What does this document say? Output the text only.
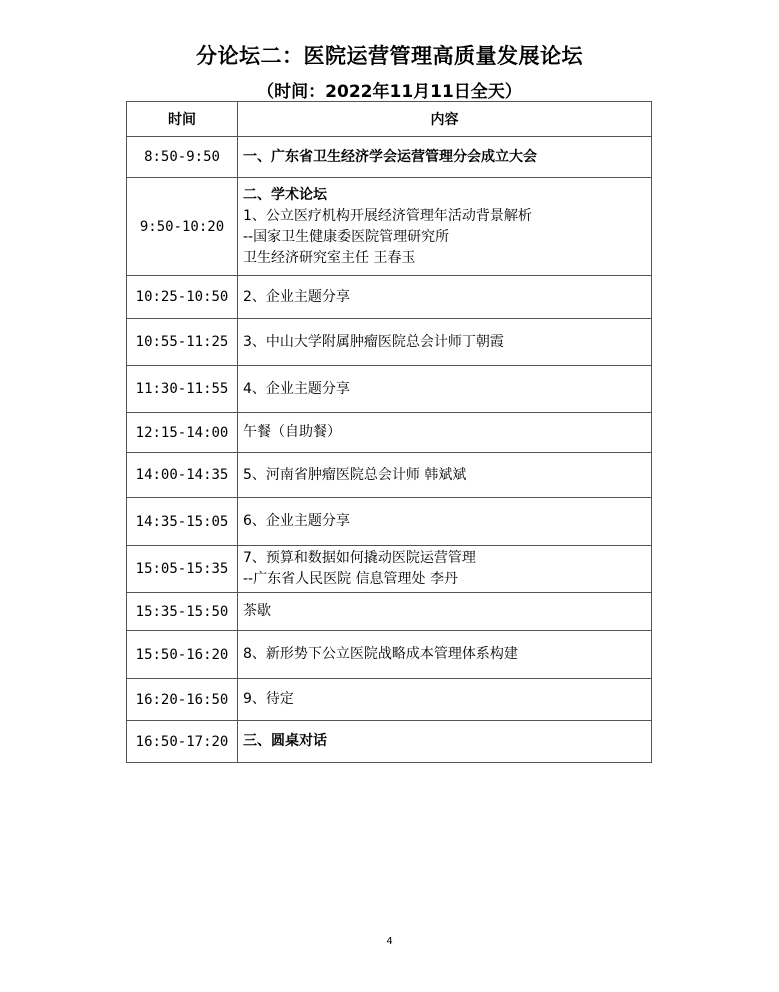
分论坛二：医院运营管理高质量发展论坛
（时间：2022年11月11日全天）
时间	内容
8:50-9:50	一、广东省卫生经济学会运营管理分会成立大会

9:50-10:20	二、学术论坛
1、公立医疗机构开展经济管理年活动背景解析
--国家卫生健康委医院管理研究所
卫生经济研究室主任 王春玉

10:25-10:50	2、企业主题分享

10:55-11:25	3、中山大学附属肿瘤医院总会计师丁朝霞

11:30-11:55	4、企业主题分享

12:15-14:00	午餐（自助餐）

14:00-14:35	5、河南省肿瘤医院总会计师 韩斌斌

14:35-15:05	6、企业主题分享

15:05-15:35	7、预算和数据如何撬动医院运营管理
--广东省人民医院 信息管理处 李丹

15:35-15:50	茶歇

15:50-16:20	8、新形势下公立医院战略成本管理体系构建

16:20-16:50	9、待定

16:50-17:20	三、圆桌对话
4
